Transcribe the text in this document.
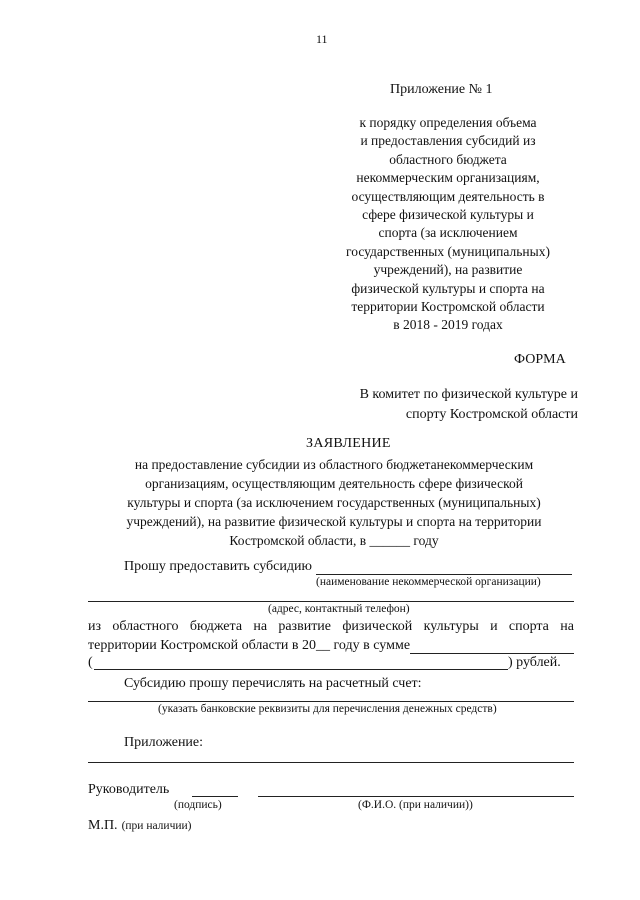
11
Приложение № 1
к порядку определения объема
и предоставления субсидий из
областного бюджета
некоммерческим организациям,
осуществляющим деятельность в
сфере физической культуры и
спорта (за исключением
государственных (муниципальных)
учреждений), на развитие
физической культуры и спорта на
территории Костромской области
в 2018 - 2019 годах
ФОРМА
В комитет по физической культуре и
спорту Костромской области
ЗАЯВЛЕНИЕ
на предоставление субсидии из областного бюджетанекоммерческим
организациям, осуществляющим деятельность сфере физической
культуры и спорта (за исключением государственных (муниципальных)
учреждений), на развитие физической культуры и спорта на территории
Костромской области, в ______ году
Прошу предоставить субсидию
(наименование некоммерческой организации)
(адрес, контактный телефон)
из областного бюджета на развитие физической культуры и спорта на
территории Костромской области в 20__ году в сумме
(	) рублей.
Субсидию прошу перечислять на расчетный счет:
(указать банковские реквизиты для перечисления денежных средств)
Приложение:
Руководитель
(подпись)	(Ф.И.О. (при наличии))
М.П. (при наличии)
